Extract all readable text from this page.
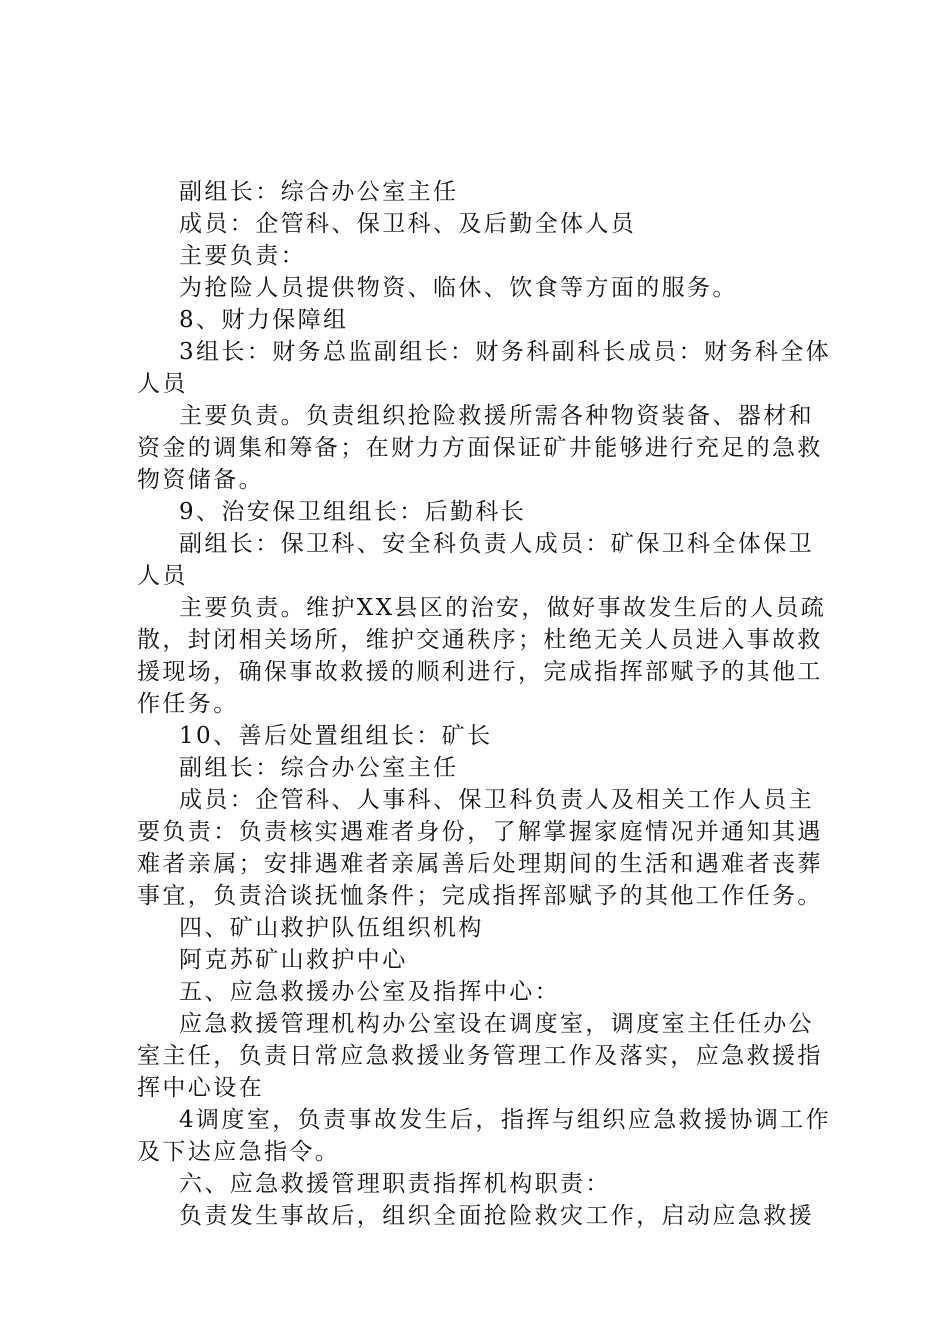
副组长：综合办公室主任

成员：企管科、保卫科、及后勤全体人员

主要负责：

为抢险人员提供物资、临休、饮食等方面的服务。

8、财力保障组

3组长：财务总监副组长：财务科副科长成员：财务科全体人员

主要负责。负责组织抢险救援所需各种物资装备、器材和资金的调集和筹备；在财力方面保证矿井能够进行充足的急救物资储备。

9、治安保卫组组长：后勤科长

副组长：保卫科、安全科负责人成员：矿保卫科全体保卫人员

主要负责。维护XX县区的治安，做好事故发生后的人员疏散，封闭相关场所，维护交通秩序；杜绝无关人员进入事故救援现场，确保事故救援的顺利进行，完成指挥部赋予的其他工作任务。

10、善后处置组组长：矿长

副组长：综合办公室主任

成员：企管科、人事科、保卫科负责人及相关工作人员主要负责：负责核实遇难者身份，了解掌握家庭情况并通知其遇难者亲属；安排遇难者亲属善后处理期间的生活和遇难者丧葬事宜，负责洽谈抚恤条件；完成指挥部赋予的其他工作任务。

四、矿山救护队伍组织机构

阿克苏矿山救护中心

五、应急救援办公室及指挥中心：

应急救援管理机构办公室设在调度室，调度室主任任办公室主任，负责日常应急救援业务管理工作及落实，应急救援指挥中心设在

4调度室，负责事故发生后，指挥与组织应急救援协调工作及下达应急指令。

六、应急救援管理职责指挥机构职责：

负责发生事故后，组织全面抢险救灾工作，启动应急救援
